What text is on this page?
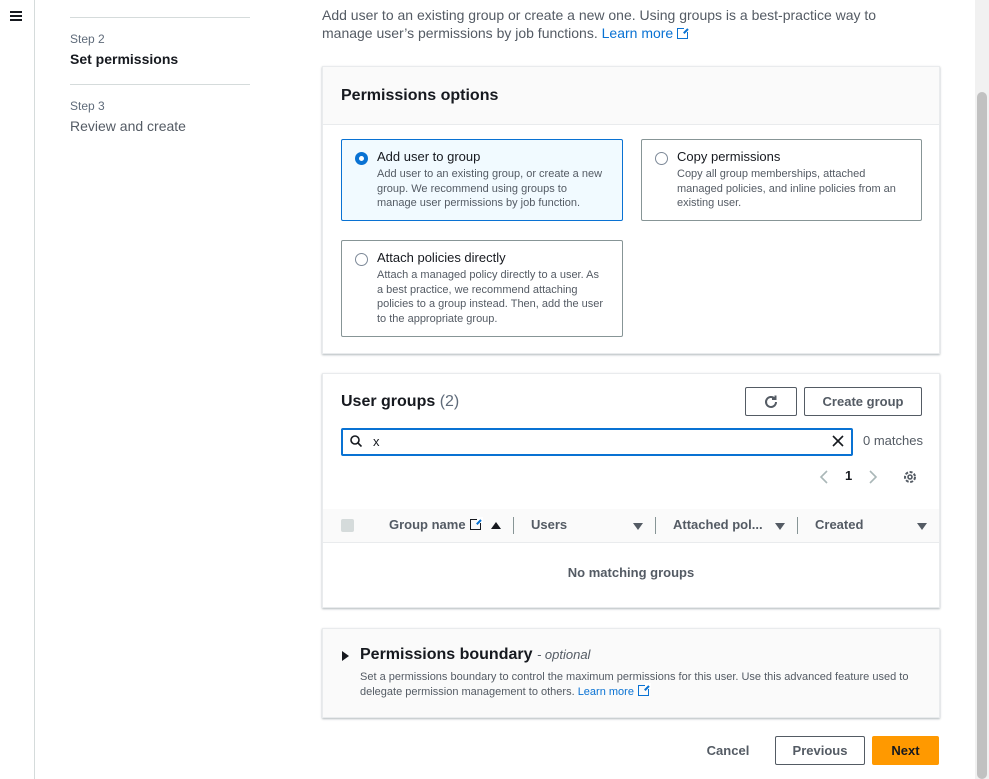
Step 2
Set permissions
Step 3
Review and create
Add user to an existing group or create a new one. Using groups is a best-practice way to manage user’s permissions by job functions. Learn more
Permissions options
Add user to group
Add user to an existing group, or create a new group. We recommend using groups to manage user permissions by job function.
Copy permissions
Copy all group memberships, attached managed policies, and inline policies from an existing user.
Attach policies directly
Attach a managed policy directly to a user. As a best practice, we recommend attaching policies to a group instead. Then, add the user to the appropriate group.
User groups (2)	Create group
x	0 matches
1
Group name	Users	Attached pol...	Created
No matching groups
Permissions boundary - optional
Set a permissions boundary to control the maximum permissions for this user. Use this advanced feature used to delegate permission management to others. Learn more
Cancel	Previous	Next
